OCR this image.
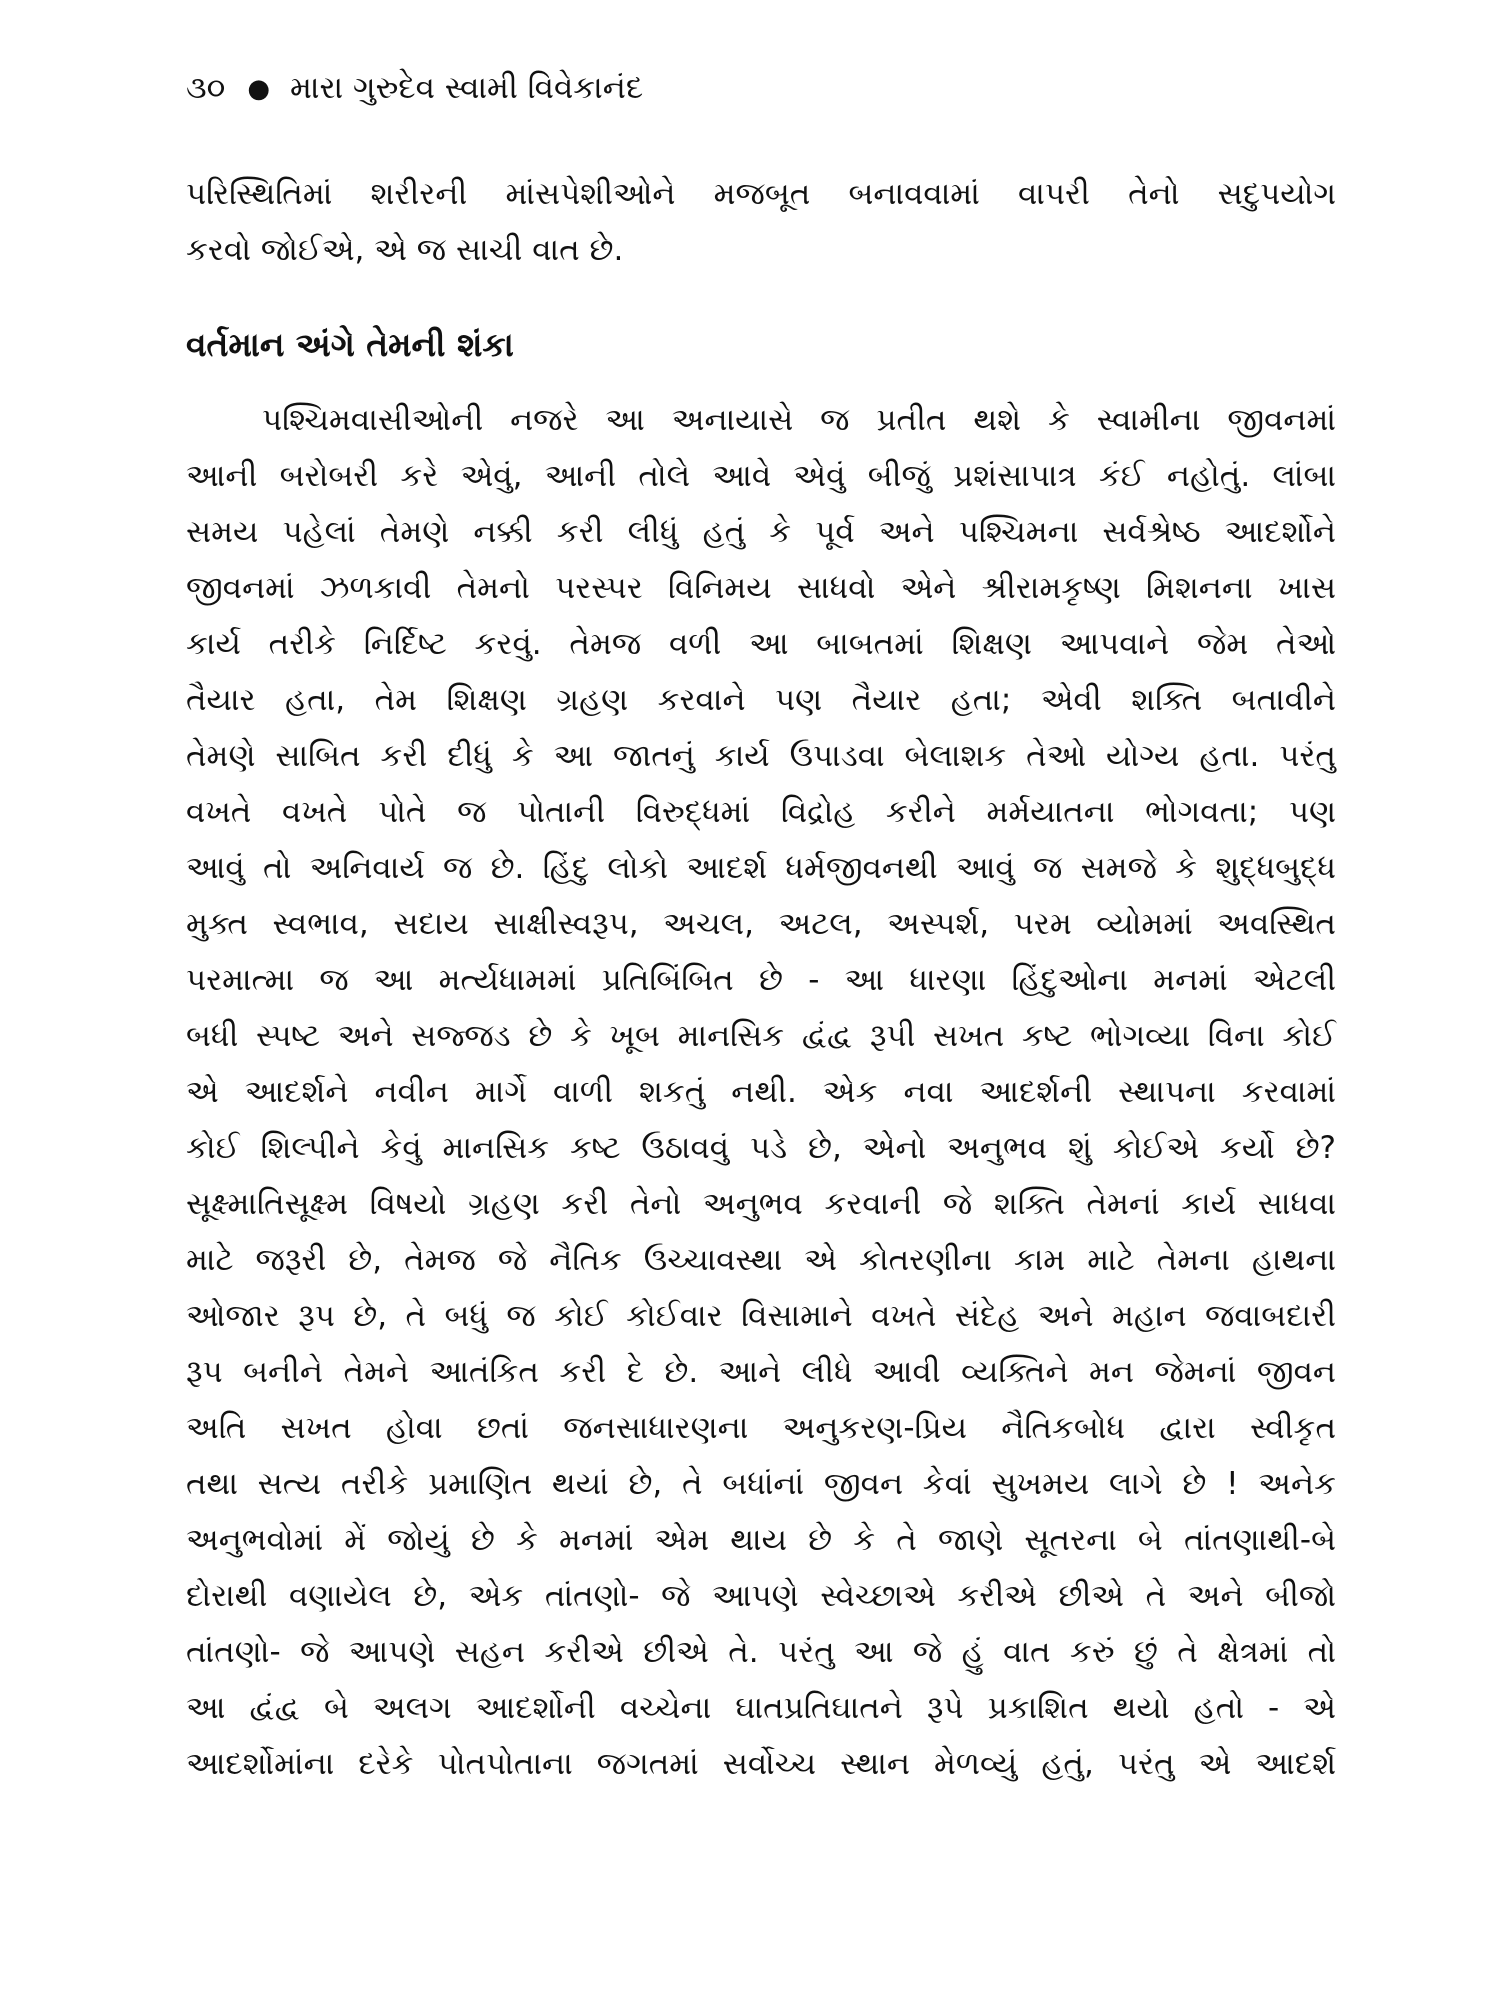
૩૦ ● મારા ગુરુદેવ સ્વામી વિવેકાનંદ
પરિસ્થિતિમાં શરીરની માંસપેશીઓને મજબૂત બનાવવામાં વાપરી તેનો સદુપયોગ
કરવો જોઈએ, એ જ સાચી વાત છે.
વર્તમાન અંગે તેમની શંકા
પશ્ચિમવાસીઓની નજરે આ અનાયાસે જ પ્રતીત થશે કે સ્વામીના જીવનમાં
આની બરોબરી કરે એવું, આની તોલે આવે એવું બીજું પ્રશંસાપાત્ર કંઈ નહોતું. લાંબા
સમય પહેલાં તેમણે નક્કી કરી લીધું હતું કે પૂર્વ અને પશ્ચિમના સર્વશ્રેષ્ઠ આદર્શોને
જીવનમાં ઝળકાવી તેમનો પરસ્પર વિનિમય સાધવો એને શ્રીરામકૃષ્ણ મિશનના ખાસ
કાર્ય તરીકે નિર્દિષ્ટ કરવું. તેમજ વળી આ બાબતમાં શિક્ષણ આપવાને જેમ તેઓ
તૈયાર હતા, તેમ શિક્ષણ ગ્રહણ કરવાને પણ તૈયાર હતા; એવી શક્તિ બતાવીને
તેમણે સાબિત કરી દીધું કે આ જાતનું કાર્ય ઉપાડવા બેલાશક તેઓ યોગ્ય હતા. પરંતુ
વખતે વખતે પોતે જ પોતાની વિરુદ્ધમાં વિદ્રોહ કરીને મર્મયાતના ભોગવતા; પણ
આવું તો અનિવાર્ય જ છે. હિંદુ લોકો આદર્શ ધર્મજીવનથી આવું જ સમજે કે શુદ્ધબુદ્ધ
મુક્ત સ્વભાવ, સદાય સાક્ષીસ્વરૂપ, અચલ, અટલ, અસ્પર્શ, પરમ વ્યોમમાં અવસ્થિત
પરમાત્મા જ આ મર્ત્યધામમાં પ્રતિબિંબિત છે - આ ધારણા હિંદુઓના મનમાં એટલી
બધી સ્પષ્ટ અને સજ્જડ છે કે ખૂબ માનસિક દ્વંદ્વ રૂપી સખત કષ્ટ ભોગવ્યા વિના કોઈ
એ આદર્શને નવીન માર્ગે વાળી શકતું નથી. એક નવા આદર્શની સ્થાપના કરવામાં
કોઈ શિલ્પીને કેવું માનસિક કષ્ટ ઉઠાવવું પડે છે, એનો અનુભવ શું કોઈએ કર્યો છે?
સૂક્ષ્માતિસૂક્ષ્મ વિષયો ગ્રહણ કરી તેનો અનુભવ કરવાની જે શક્તિ તેમનાં કાર્ય સાધવા
માટે જરૂરી છે, તેમજ જે નૈતિક ઉચ્ચાવસ્થા એ કોતરણીના કામ માટે તેમના હાથના
ઓજાર રૂપ છે, તે બધું જ કોઈ કોઈવાર વિસામાને વખતે સંદેહ અને મહાન જવાબદારી
રૂપ બનીને તેમને આતંકિત કરી દે છે. આને લીધે આવી વ્યક્તિને મન જેમનાં જીવન
અતિ સખત હોવા છતાં જનસાધારણના અનુકરણ-પ્રિય નૈતિકબોધ દ્વારા સ્વીકૃત
તથા સત્ય તરીકે પ્રમાણિત થયાં છે, તે બધાંનાં જીવન કેવાં સુખમય લાગે છે ! અનેક
અનુભવોમાં મેં જોયું છે કે મનમાં એમ થાય છે કે તે જાણે સૂતરના બે તાંતણાથી-બે
દોરાથી વણાયેલ છે, એક તાંતણો- જે આપણે સ્વેચ્છાએ કરીએ છીએ તે અને બીજો
તાંતણો- જે આપણે સહન કરીએ છીએ તે. પરંતુ આ જે હું વાત કરું છું તે ક્ષેત્રમાં તો
આ દ્વંદ્વ બે અલગ આદર્શોની વચ્ચેના ઘાતપ્રતિઘાતને રૂપે પ્રકાશિત થયો હતો - એ
આદર્શોમાંના દરેકે પોતપોતાના જગતમાં સર્વોચ્ચ સ્થાન મેળવ્યું હતું, પરંતુ એ આદર્શ
